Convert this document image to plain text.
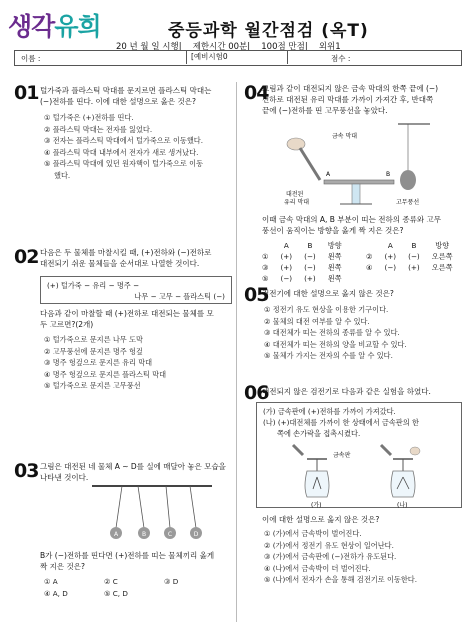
생각유희	중등과학 월간점검 (옥T)
20 년 월 일 시행| 제한시간 00분| 100점 만점| 외위1
이름 :	점수 :
[예비시험0
01 털가죽과 플라스틱 막대를 문지르면 플라스틱 막대는
(−)전하를 띤다. 이에 대한 설명으로 옳은 것은?
① 털가죽은 (+)전하를 띤다.
② 플라스틱 막대는 전자를 잃었다.
③ 전자는 플라스틱 막대에서 털가죽으로 이동했다.
④ 플라스틱 막대 내부에서 전자가 새로 생겨났다.
⑤ 플라스틱 막대에 있던 원자핵이 털가죽으로 이동
했다.
02 다음은 두 물체를 마찰시킬 때, (+)전하와 (−)전하로
대전되기 쉬운 물체들을 순서대로 나열한 것이다.
(+) 털가죽 − 유리 − 명주 −
나무 − 고무 − 플라스틱 (−)
다음과 같이 마찰할 때 (+)전하로 대전되는 물체를 모
두 고르면?(2개)
① 털가죽으로 문지른 나무 도막
② 고무풍선에 문지른 명주 헝겊
③ 명주 헝겊으로 문지른 유리 막대
④ 명주 헝겊으로 문지른 플라스틱 막대
⑤ 털가죽으로 문지른 고무풍선
03 그림은 대전된 네 물체 A ~ D를 실에 매달아 놓은 모습을
나타낸 것이다.
A	B	C	D
B가 (−)전하를 띤다면 (+)전하를 띠는 물체끼리 옳게
짝 지은 것은?
① A	② C	③ D
④ A, D	⑤ C, D
04
그림과 같이 대전되지 않은 금속 막대의 한쪽 끝에 (−)
전하로 대전된 유리 막대를 가까이 가져간 후, 반대쪽
끝에 (−)전하를 띤 고무풍선을 놓았다.
대전된
유리 막대
금속 막대
A	B
고무풍선
이때 금속 막대의 A, B 부분이 띠는 전하의 종류와 고무
풍선이 움직이는 방향을 옳게 짝 지은 것은?
	A	B	방향
①	(+)	(−)	왼쪽
③	(+)	(−)	왼쪽
⑤	(−)	(+)	왼쪽
	A	B	방향
②	(+)	(−)	오른쪽
④	(−)	(+)	오른쪽
05
검전기에 대한 설명으로 옳지 않은 것은?
① 정전기 유도 현상을 이용한 기구이다.
② 물체의 대전 여부를 알 수 있다.
③ 대전체가 띠는 전하의 종류를 알 수 있다.
④ 대전체가 띠는 전하의 양을 비교할 수 있다.
⑤ 물체가 가지는 전자의 수를 알 수 있다.
06
대전되지 않은 검전기로 다음과 같은 실험을 하였다.
(가) 금속판에 (+)전하를 가까이 가져갔다.
(나) (+)대전체를 가까이 한 상태에서 금속판의 한
쪽에 손가락을 접촉시켰다.
금속판
(가)	(나)
이에 대한 설명으로 옳지 않은 것은?
① (가)에서 금속박이 벌어진다.
② (가)에서 정전기 유도 현상이 일어난다.
③ (가)에서 금속판에 (−)전하가 유도된다.
④ (나)에서 금속박이 더 벌어진다.
⑤ (나)에서 전자가 손을 통해 검전기로 이동한다.
